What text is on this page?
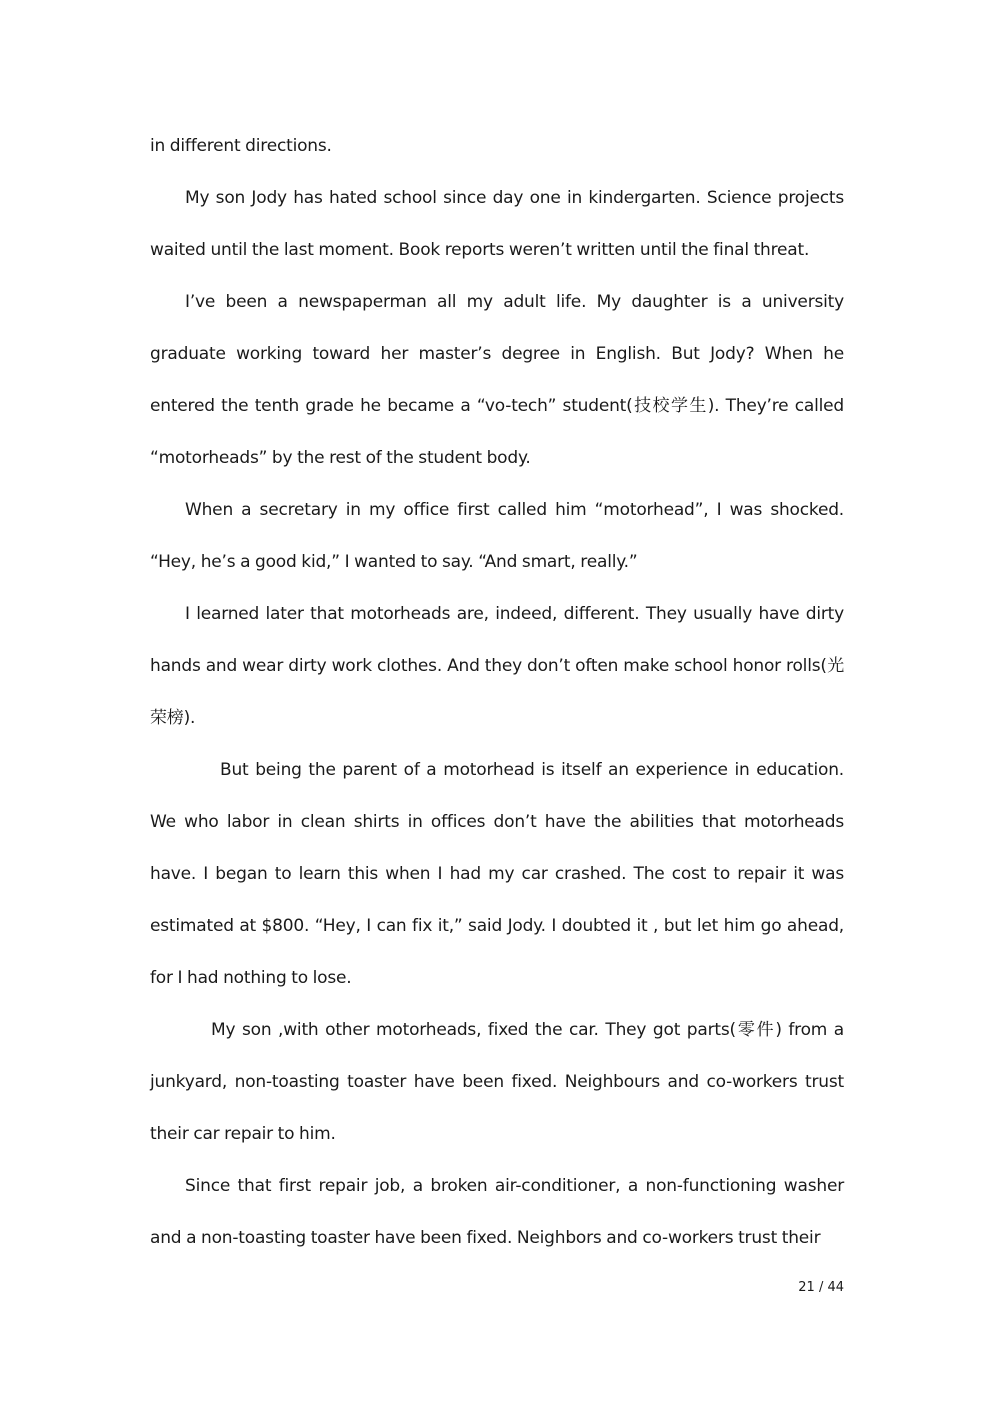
in different directions.

My son Jody has hated school since day one in kindergarten. Science projects waited until the last moment. Book reports weren’t written until the final threat.

I’ve been a newspaperman all my adult life. My daughter is a university graduate working toward her master’s degree in English. But Jody? When he entered the tenth grade he became a “vo-tech” student(技校学生). They’re called “motorheads” by the rest of the student body.

When a secretary in my office first called him “motorhead”, I was shocked. “Hey, he’s a good kid,” I wanted to say. “And smart, really.”

I learned later that motorheads are, indeed, different. They usually have dirty hands and wear dirty work clothes. And they don’t often make school honor rolls(光荣榜).

But being the parent of a motorhead is itself an experience in education. We who labor in clean shirts in offices don’t have the abilities that motorheads have. I began to learn this when I had my car crashed. The cost to repair it was estimated at $800. “Hey, I can fix it,” said Jody. I doubted it , but let him go ahead, for I had nothing to lose.

My son ,with other motorheads, fixed the car. They got parts(零件) from a junkyard, non-toasting toaster have been fixed. Neighbours and co-workers trust their car repair to him.

Since that first repair job, a broken air-conditioner, a non-functioning washer and a non-toasting toaster have been fixed. Neighbors and co-workers trust their

21 / 44
